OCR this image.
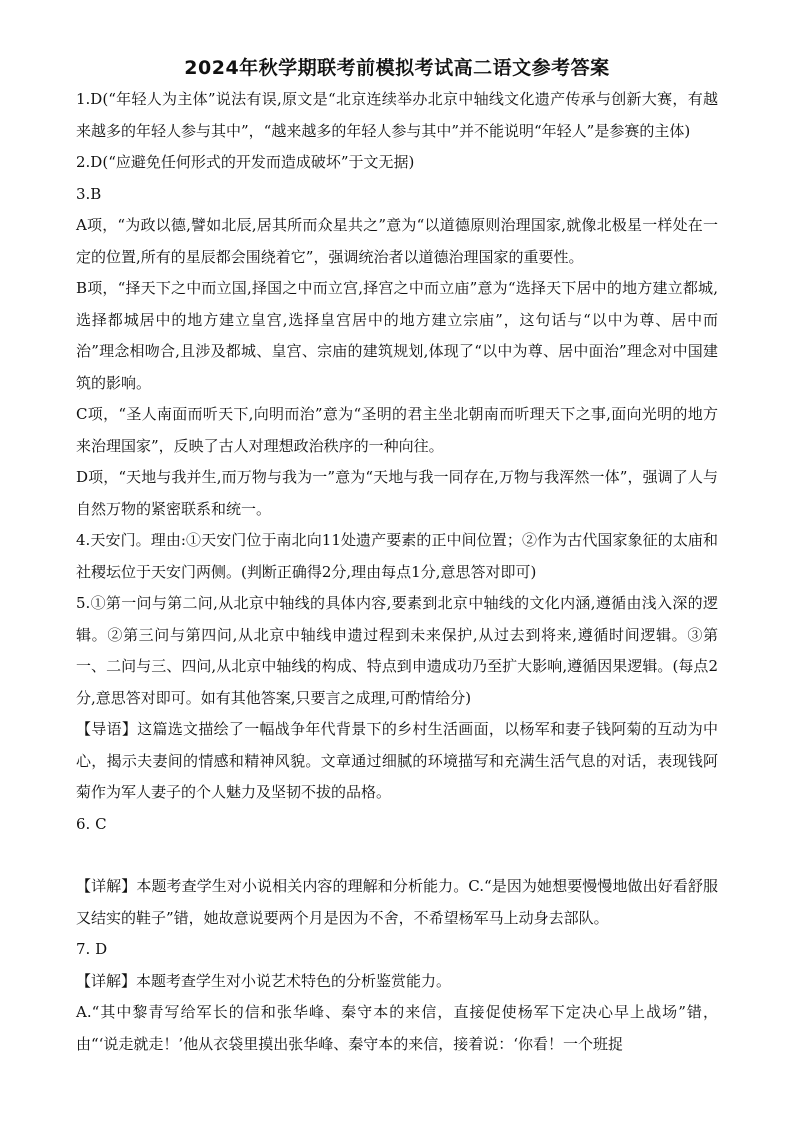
2024年秋学期联考前模拟考试高二语文参考答案

1.D(“年轻人为主体”说法有误,原文是“北京连续举办北京中轴线文化遗产传承与创新大赛，有越来越多的年轻人参与其中”，“越来越多的年轻人参与其中”并不能说明“年轻人”是参赛的主体)

2.D(“应避免任何形式的开发而造成破坏”于文无据)

3.B

A项，“为政以德,譬如北辰,居其所而众星共之”意为“以道德原则治理国家,就像北极星一样处在一定的位置,所有的星辰都会围绕着它”，强调统治者以道德治理国家的重要性。

B项，“择天下之中而立国,择国之中而立宫,择宫之中而立庙”意为“选择天下居中的地方建立都城,选择都城居中的地方建立皇宫,选择皇宫居中的地方建立宗庙”，这句话与“以中为尊、居中而治”理念相吻合,且涉及都城、皇宫、宗庙的建筑规划,体现了“以中为尊、居中面治”理念对中国建筑的影响。

C项，“圣人南面而听天下,向明而治”意为“圣明的君主坐北朝南而听理天下之事,面向光明的地方来治理国家”，反映了古人对理想政治秩序的一种向往。

D项，“天地与我并生,而万物与我为一”意为“天地与我一同存在,万物与我浑然一体”，强调了人与自然万物的紧密联系和统一。

4.天安门。理由:①天安门位于南北向11处遗产要素的正中间位置；②作为古代国家象征的太庙和社稷坛位于天安门两侧。(判断正确得2分,理由每点1分,意思答对即可)

5.①第一问与第二问,从北京中轴线的具体内容,要素到北京中轴线的文化内涵,遵循由浅入深的逻辑。②第三问与第四问,从北京中轴线申遗过程到未来保护,从过去到将来,遵循时间逻辑。③第一、二问与三、四问,从北京中轴线的构成、特点到申遗成功乃至扩大影响,遵循因果逻辑。(每点2分,意思答对即可。如有其他答案,只要言之成理,可酌情给分)

【导语】这篇选文描绘了一幅战争年代背景下的乡村生活画面，以杨军和妻子钱阿菊的互动为中心，揭示夫妻间的情感和精神风貌。文章通过细腻的环境描写和充满生活气息的对话，表现钱阿菊作为军人妻子的个人魅力及坚韧不拔的品格。

6. C

【详解】本题考查学生对小说相关内容的理解和分析能力。C.“是因为她想要慢慢地做出好看舒服又结实的鞋子”错，她故意说要两个月是因为不舍，不希望杨军马上动身去部队。

7. D

【详解】本题考查学生对小说艺术特色的分析鉴赏能力。

A.“其中黎青写给军长的信和张华峰、秦守本的来信，直接促使杨军下定决心早上战场”错，由“‘说走就走！’他从衣袋里摸出张华峰、秦守本的来信，接着说：‘你看！一个班捉
